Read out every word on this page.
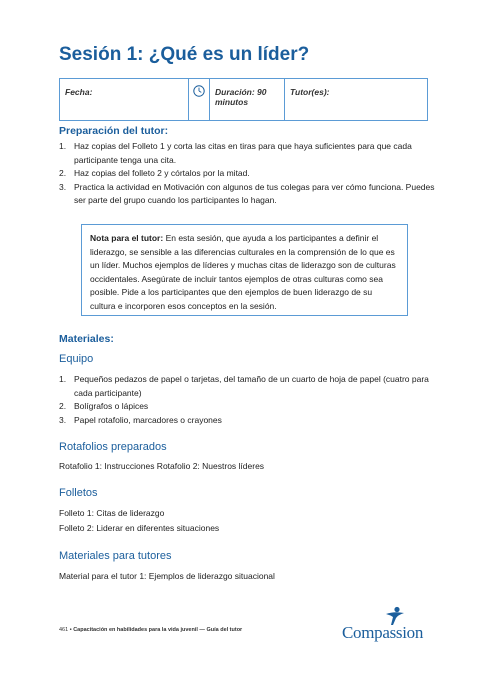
Sesión 1: ¿Qué es un líder?
Fecha:	Duración: 90 minutos
Tutor(es):
Preparación del tutor:
1. Haz copias del Folleto 1 y corta las citas en tiras para que haya suficientes para que cada participante tenga una cita.
2. Haz copias del folleto 2 y córtalos por la mitad.
3. Practica la actividad en Motivación con algunos de tus colegas para ver cómo funciona. Puedes ser parte del grupo cuando los participantes lo hagan.
Nota para el tutor: En esta sesión, que ayuda a los participantes a definir el liderazgo, se sensible a las diferencias culturales en la comprensión de lo que es un líder. Muchos ejemplos de líderes y muchas citas de liderazgo son de culturas occidentales. Asegúrate de incluir tantos ejemplos de otras culturas como sea posible. Pide a los participantes que den ejemplos de buen liderazgo de su cultura e incorporen esos conceptos en la sesión.
Materiales:
Equipo
1. Pequeños pedazos de papel o tarjetas, del tamaño de un cuarto de hoja de papel (cuatro para cada participante)
2. Bolígrafos o lápices
3. Papel rotafolio, marcadores o crayones
Rotafolios preparados
Rotafolio 1: Instrucciones Rotafolio 2: Nuestros líderes
Folletos
Folleto 1: Citas de liderazgo
Folleto 2: Liderar en diferentes situaciones
Materiales para tutores
Material para el tutor 1: Ejemplos de liderazgo situacional
461 • Capacitación en habilidades para la vida juvenil — Guía del tutor	Compassion
